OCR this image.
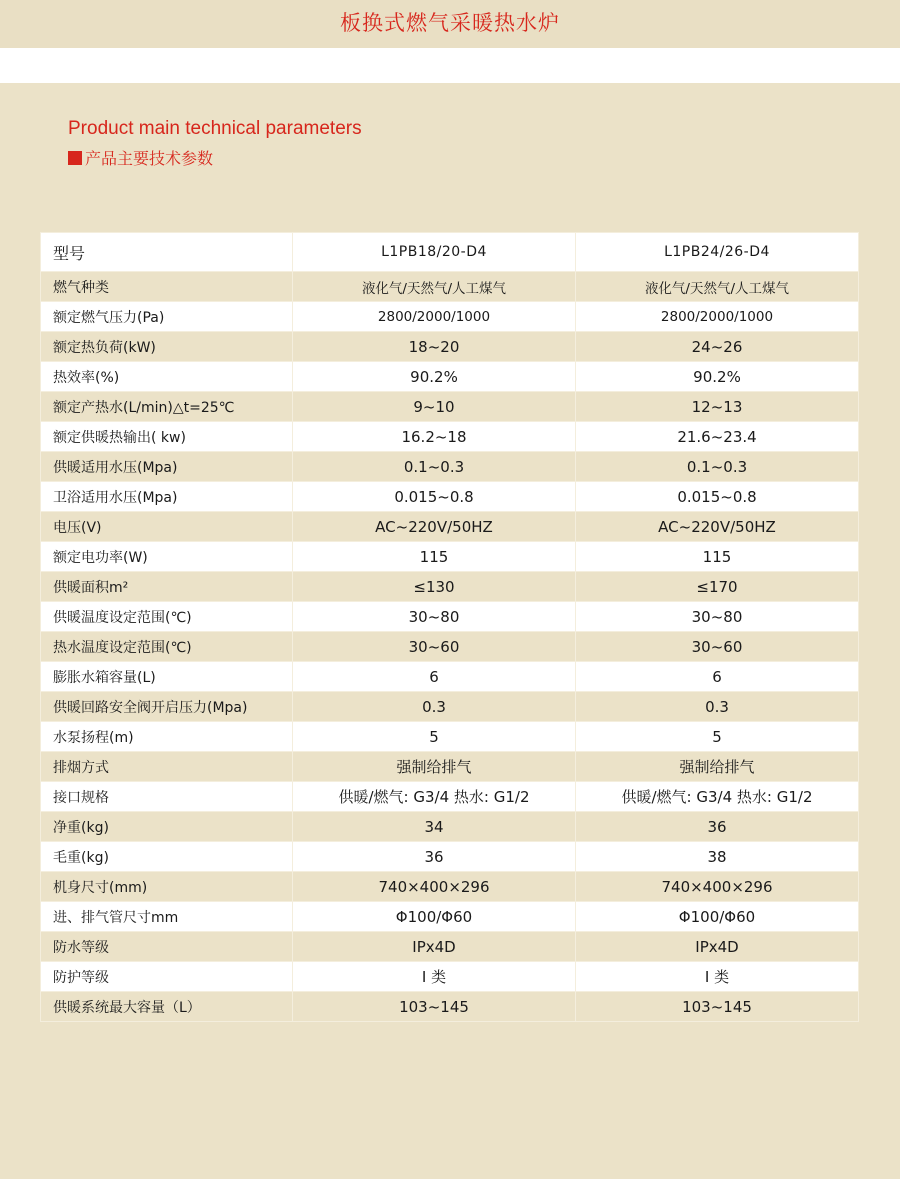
板换式燃气采暖热水炉
Product main technical parameters
产品主要技术参数
型号	L1PB18/20-D4	L1PB24/26-D4
燃气种类	液化气/天然气/人工煤气	液化气/天然气/人工煤气
额定燃气压力(Pa)	2800/2000/1000	2800/2000/1000
额定热负荷(kW)	18~20	24~26
热效率(%)	90.2%	90.2%
额定产热水(L/min)△t=25℃	9~10	12~13
额定供暖热输出( kw)	16.2~18	21.6~23.4
供暖适用水压(Mpa)	0.1~0.3	0.1~0.3
卫浴适用水压(Mpa)	0.015~0.8	0.015~0.8
电压(V)	AC~220V/50HZ	AC~220V/50HZ
额定电功率(W)	115	115
供暖面积m²	≤130	≤170
供暖温度设定范围(℃)	30~80	30~80
热水温度设定范围(℃)	30~60	30~60
膨胀水箱容量(L)	6	6
供暖回路安全阀开启压力(Mpa)	0.3	0.3
水泵扬程(m)	5	5
排烟方式	强制给排气	强制给排气
接口规格	供暖/燃气: G3/4 热水: G1/2	供暖/燃气: G3/4 热水: G1/2
净重(kg)	34	36
毛重(kg)	36	38
机身尺寸(mm)	740×400×296	740×400×296
进、排气管尺寸mm	Φ100/Φ60	Φ100/Φ60
防水等级	IPx4D	IPx4D
防护等级	I 类	I 类
供暖系统最大容量（L）	103~145	103~145
